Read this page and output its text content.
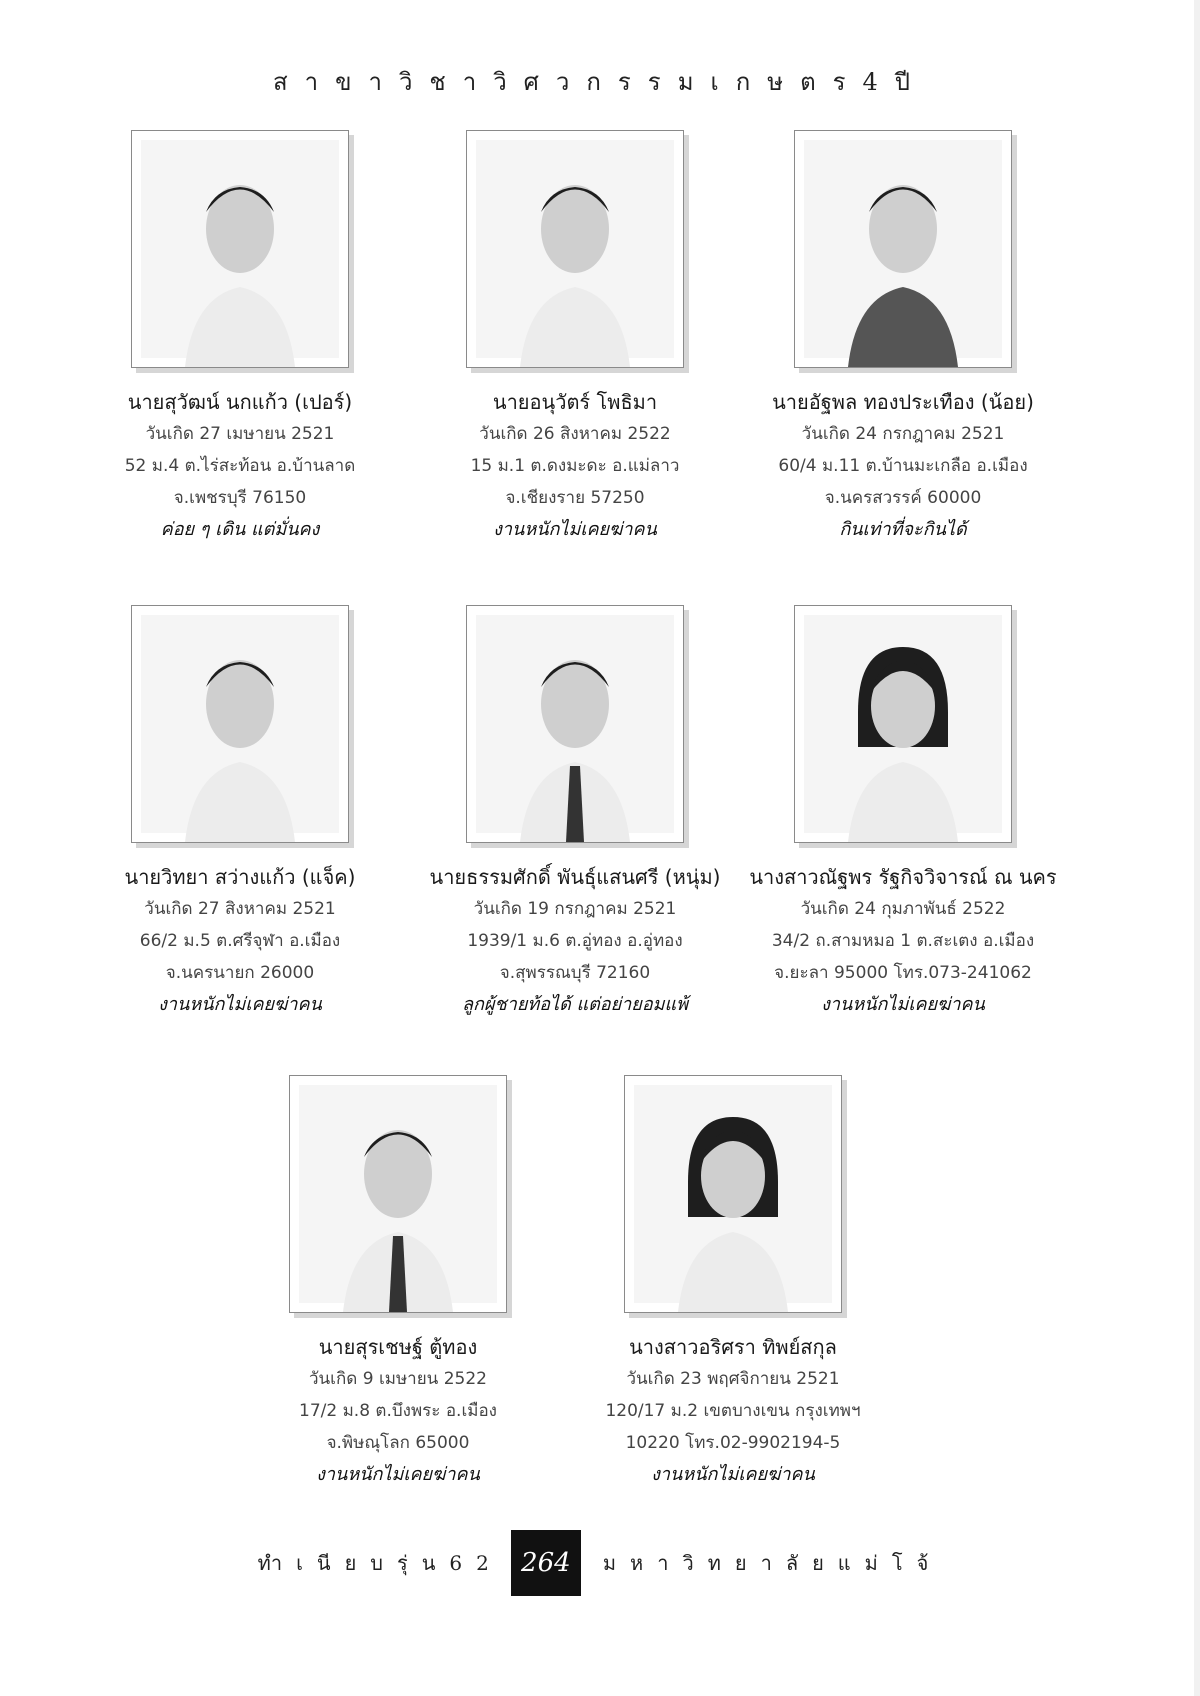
สาขาวิชาวิศวกรรมเกษตร4ปี
นายสุวัฒน์ นกแก้ว (เปอร์)
วันเกิด 27 เมษายน 2521
52 ม.4 ต.ไร่สะท้อน อ.บ้านลาด
จ.เพชรบุรี 76150
ค่อย ๆ เดิน แต่มั่นคง
นายอนุวัตร์ โพธิมา
วันเกิด 26 สิงหาคม 2522
15 ม.1 ต.ดงมะดะ อ.แม่ลาว
จ.เชียงราย 57250
งานหนักไม่เคยฆ่าคน
นายอัฐพล ทองประเทือง (น้อย)
วันเกิด 24 กรกฎาคม 2521
60/4 ม.11 ต.บ้านมะเกลือ อ.เมือง
จ.นครสวรรค์ 60000
กินเท่าที่จะกินได้
นายวิทยา สว่างแก้ว (แจ็ค)
วันเกิด 27 สิงหาคม 2521
66/2 ม.5 ต.ศรีจุฬา อ.เมือง
จ.นครนายก 26000
งานหนักไม่เคยฆ่าคน
นายธรรมศักดิ์ พันธุ์แสนศรี (หนุ่ม)
วันเกิด 19 กรกฎาคม 2521
1939/1 ม.6 ต.อู่ทอง อ.อู่ทอง
จ.สุพรรณบุรี 72160
ลูกผู้ชายท้อได้ แต่อย่ายอมแพ้
นางสาวณัฐพร รัฐกิจวิจารณ์ ณ นคร
วันเกิด 24 กุมภาพันธ์ 2522
34/2 ถ.สามหมอ 1 ต.สะเตง อ.เมือง
จ.ยะลา 95000 โทร.073-241062
งานหนักไม่เคยฆ่าคน
นายสุรเชษฐ์ ตู้ทอง
วันเกิด 9 เมษายน 2522
17/2 ม.8 ต.บึงพระ อ.เมือง
จ.พิษณุโลก 65000
งานหนักไม่เคยฆ่าคน
นางสาวอริศรา ทิพย์สกุล
วันเกิด 23 พฤศจิกายน 2521
120/17 ม.2 เขตบางเขน กรุงเทพฯ
10220 โทร.02-9902194-5
งานหนักไม่เคยฆ่าคน
ทำเนียบรุ่น62 264	มหาวิทยาลัยแม่โจ้
